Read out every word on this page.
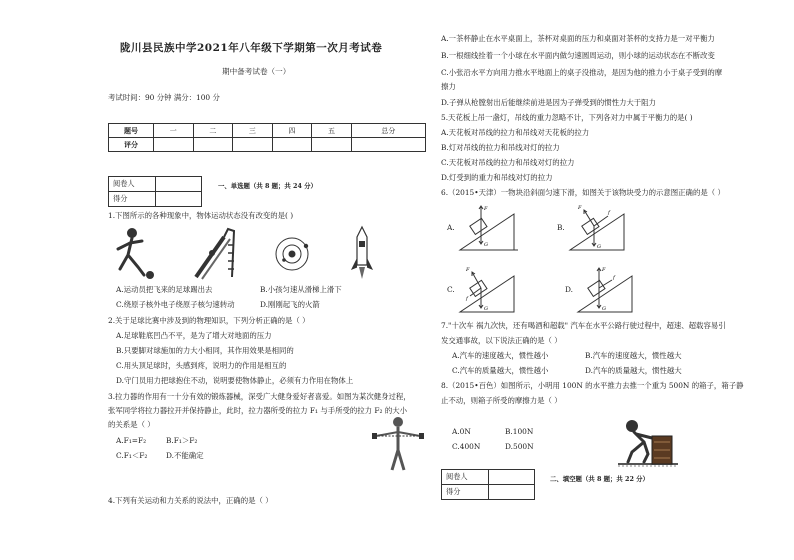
陇川县民族中学2021年八年级下学期第一次月考试卷
期中备考试卷（一）
考试时间：90 分钟 满分：100 分
题号	一	二	三	四	五	总分
评分						
阅卷人	
得分	
一、单选题（共 8 题；共 24 分）
1.下图所示的各种现象中，物体运动状态没有改变的是( )
A.运动员把飞来的足球踢出去	B.小孩匀速从滑梯上滑下
C.绕原子核外电子绕原子核匀速转动	D.刚刚起飞的火箭
2.关于足球比赛中涉及到的物理知识，下列分析正确的是（ ）
A.足球鞋底凹凸不平，是为了增大对地面的压力
B.只要脚对球施加的力大小相同，其作用效果是相同的
C.用头顶足球时，头感到疼，说明力的作用是相互的
D.守门员用力把球抱住不动，说明要使物体静止，必须有力作用在物体上
3.拉力器的作用有一十分有效的锻炼器械，深受广大健身爱好者喜爱。如图为某次健身过程，
张军同学将拉力器拉开并保持静止，此时，拉力器所受的拉力 F₁ 与手所受的拉力 F₂ 的大小
的关系是（ ）
A.F₁=F₂	B.F₁＞F₂
C.F₁＜F₂	D.不能确定
4.下列有关运动和力关系的说法中，正确的是（ ）
A.一茶杯静止在水平桌面上，茶杯对桌面的压力和桌面对茶杯的支持力是一对平衡力
B.一根细线拴着一个小球在水平面内做匀速圆周运动，则小球的运动状态在不断改变
C.小张沿水平方向用力推水平地面上的桌子没推动，是因为他的推力小于桌子受到的摩
擦力
D.子弹从枪膛射出后能继续前进是因为子弹受到的惯性力大于阻力
5.天花板上吊一盏灯，吊线的重力忽略不计，下列各对力中属于平衡力的是( )
A.天花板对吊线的拉力和吊线对天花板的拉力
B.灯对吊线的拉力和吊线对灯的拉力
C.天花板对吊线的拉力和吊线对灯的拉力
D.灯受到的重力和吊线对灯的拉力
6.（2015•天津）一物块沿斜面匀速下滑，如图关于该物块受力的示意图正确的是（ ）
A.
F
G
B.
F
f
G
C.
F
f
G
D.
F
f
G
7."十次车 祸九次快，还有喝酒和超载" 汽车在水平公路行驶过程中，超速、超载容易引
发交通事故，以下说法正确的是（ ）
A.汽车的速度越大，惯性越小	B.汽车的速度越大，惯性越大
C.汽车的质量越大，惯性越小	D.汽车的质量越大，惯性越大
8.（2015•百色）如图所示，小明用 100N 的水平推力去推一个重为 500N 的箱子，箱子静
止不动，则箱子所受的摩擦力是（ ）
A.0N	B.100N
C.400N	D.500N
阅卷人	
得分	
二、填空题（共 8 题；共 22 分）
